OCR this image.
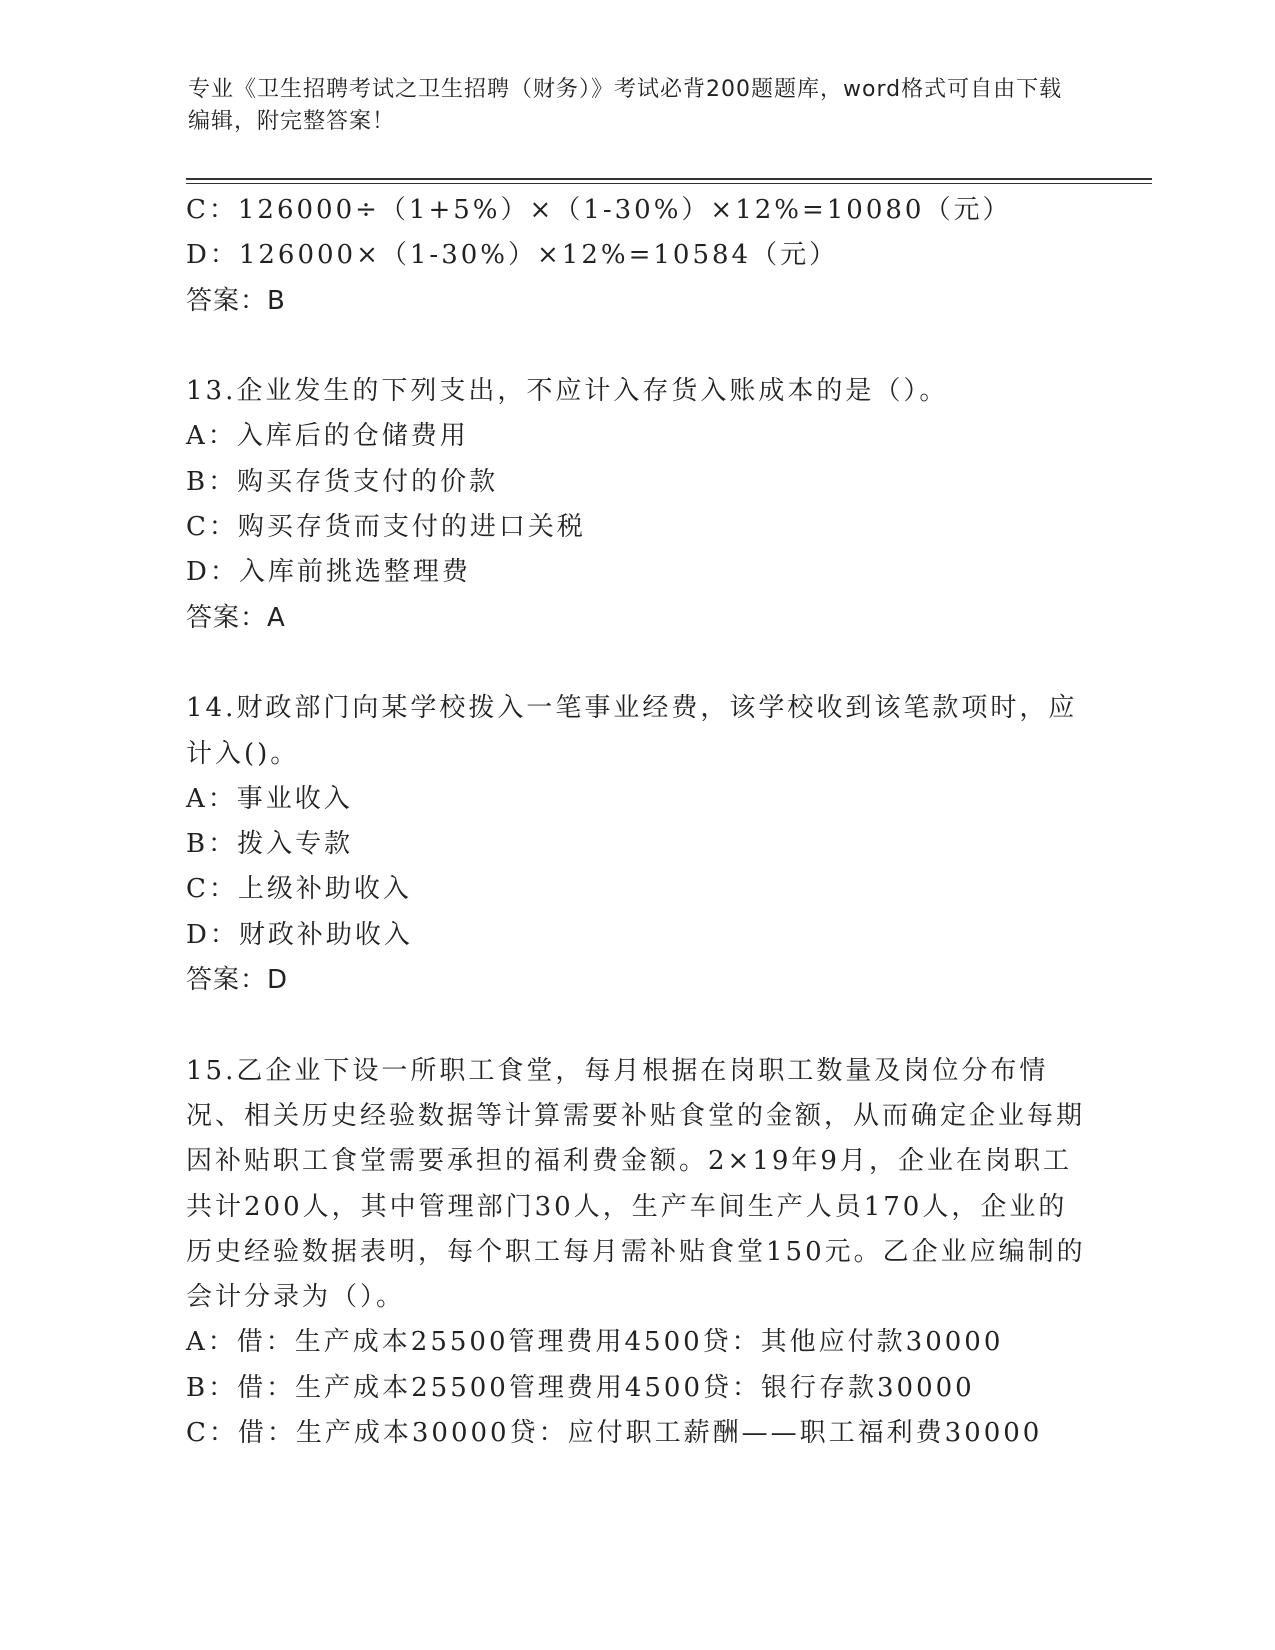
专业《卫生招聘考试之卫生招聘（财务）》考试必背200题题库，word格式可自由下载编辑，附完整答案！
C：126000÷（1+5%）×（1-30%）×12%=10080（元）
D：126000×（1-30%）×12%=10584（元）
答案：B
13.企业发生的下列支出，不应计入存货入账成本的是（）。
A：入库后的仓储费用
B：购买存货支付的价款
C：购买存货而支付的进口关税
D：入库前挑选整理费
答案：A
14.财政部门向某学校拨入一笔事业经费，该学校收到该笔款项时，应计入()。
A：事业收入
B：拨入专款
C：上级补助收入
D：财政补助收入
答案：D
15.乙企业下设一所职工食堂，每月根据在岗职工数量及岗位分布情况、相关历史经验数据等计算需要补贴食堂的金额，从而确定企业每期因补贴职工食堂需要承担的福利费金额。2×19年9月，企业在岗职工共计200人，其中管理部门30人，生产车间生产人员170人，企业的历史经验数据表明，每个职工每月需补贴食堂150元。乙企业应编制的会计分录为（）。
A：借：生产成本25500管理费用4500贷：其他应付款30000
B：借：生产成本25500管理费用4500贷：银行存款30000
C：借：生产成本30000贷：应付职工薪酬——职工福利费30000
